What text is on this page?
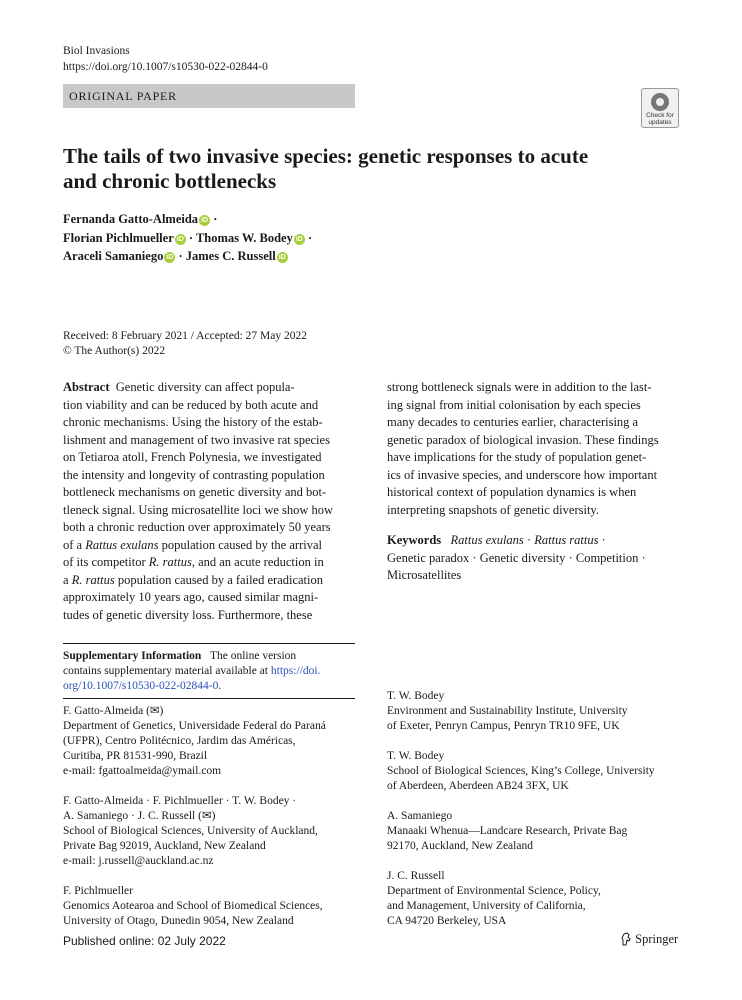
Biol Invasions
https://doi.org/10.1007/s10530-022-02844-0
ORIGINAL PAPER
Check for
updates
The tails of two invasive species: genetic responses to acute
and chronic bottlenecks
Fernanda Gatto-Almeida iD ·
Florian Pichlmueller iD · Thomas W. Bodey iD ·
Araceli Samaniego iD · James C. Russell iD
Received: 8 February 2021 / Accepted: 27 May 2022
© The Author(s) 2022
Abstract Genetic diversity can affect popula-
tion viability and can be reduced by both acute and
chronic mechanisms. Using the history of the estab-
lishment and management of two invasive rat species
on Tetiaroa atoll, French Polynesia, we investigated
the intensity and longevity of contrasting population
bottleneck mechanisms on genetic diversity and bot-
tleneck signal. Using microsatellite loci we show how
both a chronic reduction over approximately 50 years
of a Rattus exulans population caused by the arrival
of its competitor R. rattus, and an acute reduction in
a R. rattus population caused by a failed eradication
approximately 10 years ago, caused similar magni-
tudes of genetic diversity loss. Furthermore, these
strong bottleneck signals were in addition to the last-
ing signal from initial colonisation by each species
many decades to centuries earlier, characterising a
genetic paradox of biological invasion. These findings
have implications for the study of population genet-
ics of invasive species, and underscore how important
historical context of population dynamics is when
interpreting snapshots of genetic diversity.
Keywords Rattus exulans · Rattus rattus ·
Genetic paradox · Genetic diversity · Competition ·
Microsatellites
Supplementary Information The online version
contains supplementary material available at https://doi.
org/10.1007/s10530-022-02844-0.

F. Gatto-Almeida (✉)
Department of Genetics, Universidade Federal do Paraná
(UFPR), Centro Politécnico, Jardim das Américas,
Curitiba, PR 81531-990, Brazil
e-mail: fgattoalmeida@ymail.com

F. Gatto-Almeida · F. Pichlmueller · T. W. Bodey ·
A. Samaniego · J. C. Russell (✉)
School of Biological Sciences, University of Auckland,
Private Bag 92019, Auckland, New Zealand
e-mail: j.russell@auckland.ac.nz

F. Pichlmueller
Genomics Aotearoa and School of Biomedical Sciences,
University of Otago, Dunedin 9054, New Zealand

T. W. Bodey
Environment and Sustainability Institute, University
of Exeter, Penryn Campus, Penryn TR10 9FE, UK

T. W. Bodey
School of Biological Sciences, King’s College, University
of Aberdeen, Aberdeen AB24 3FX, UK

A. Samaniego
Manaaki Whenua—Landcare Research, Private Bag
92170, Auckland, New Zealand

J. C. Russell
Department of Environmental Science, Policy,
and Management, University of California,
CA 94720 Berkeley, USA

Published online: 02 July 2022	Springer
